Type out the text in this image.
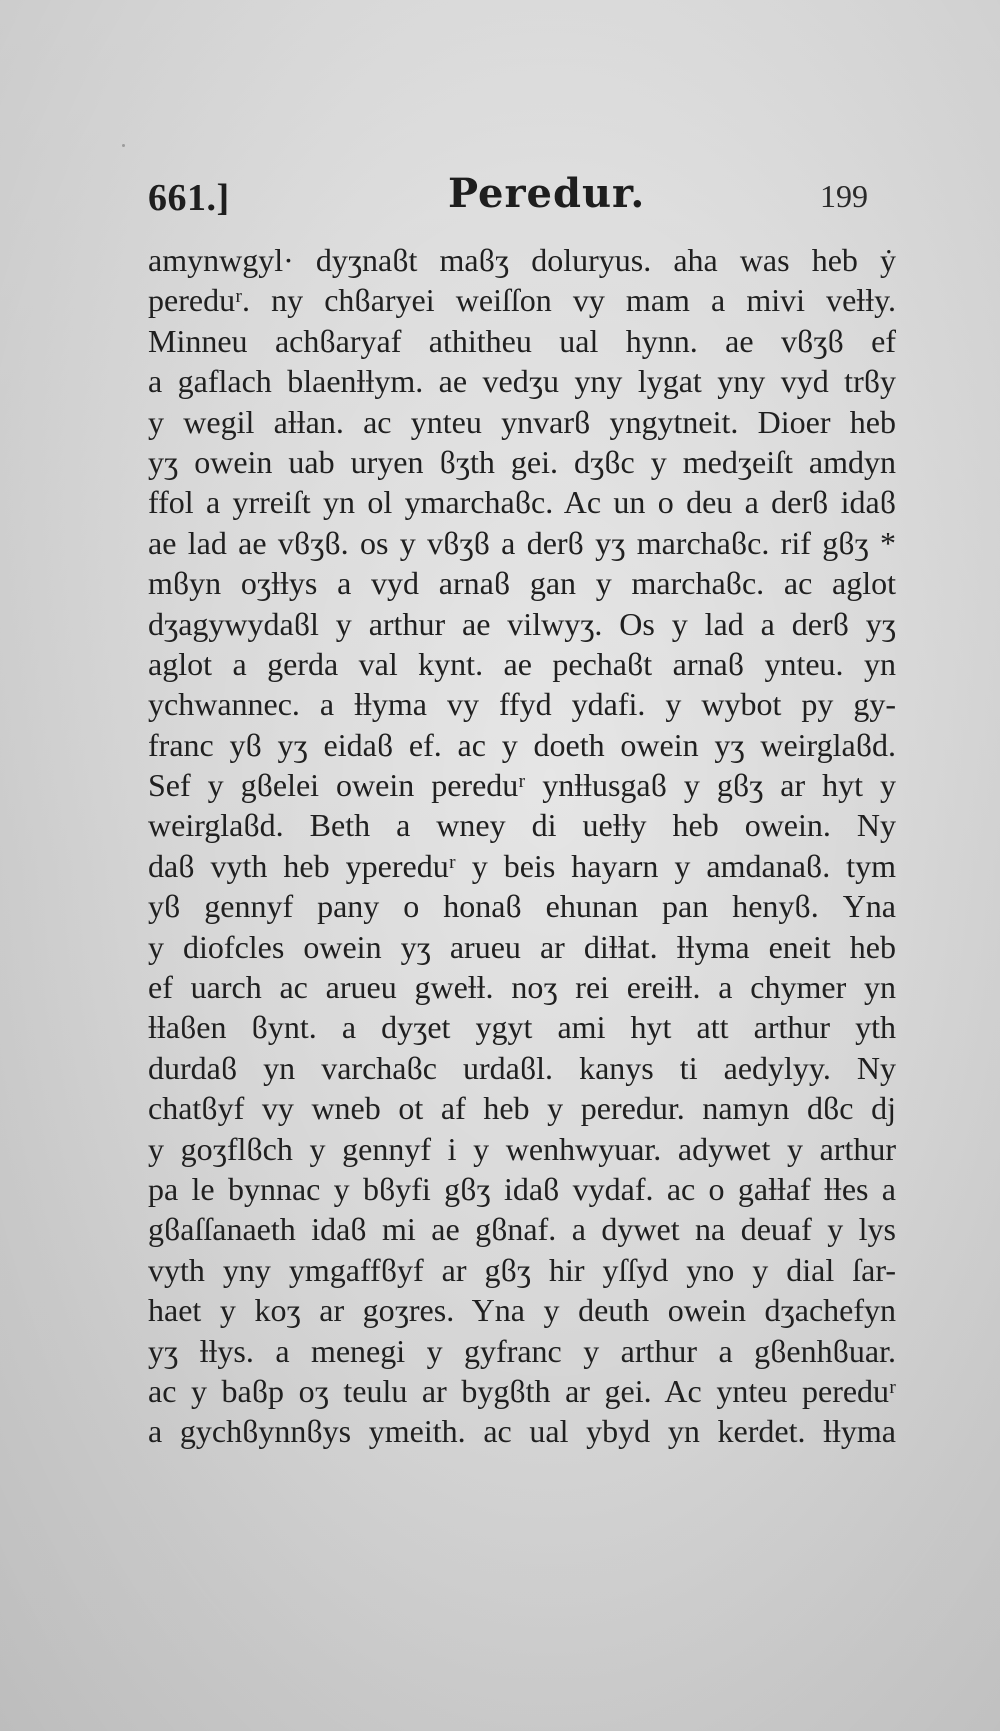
661.]	Peredur.	199
amynwgyl· dyʒnaϐt maϐʒ doluryus. aha was heb ẏ
pereduʳ. ny chϐaryei weiſſon vy mam a mivi veƚƚy.
Minneu achϐaryaf athitheu ual hynn. ae vϐʒϐ ef
a gaflach blaenƚƚym. ae vedʒu yny lygat yny vyd trϐy
y wegil aƚƚan. ac ynteu ynvarϐ yngytneit. Dioer heb
yʒ owein uab uryen ϐʒth gei. dʒϐc y medʒeiſt amdyn
ffol a yrreiſt yn ol ymarchaϐc. Ac un o deu a derϐ idaϐ
ae lad ae vϐʒϐ. os y vϐʒϐ a derϐ yʒ marchaϐc. rif gϐʒ *
mϐyn oʒƚƚys a vyd arnaϐ gan y marchaϐc. ac aglot
dʒagywydaϐl y arthur ae vilwyʒ. Os y lad a derϐ yʒ
aglot a gerda val kynt. ae pechaϐt arnaϐ ynteu. yn
ychwannec. a ƚƚyma vy ffyd ydafi. y wybot py gy-
franc yϐ yʒ eidaϐ ef. ac y doeth owein yʒ weirglaϐd.
Sef y gϐelei owein pereduʳ ynƚƚusgaϐ y gϐʒ ar hyt y
weirglaϐd. Beth a wney di ueƚƚy heb owein. Ny
daϐ vyth heb ypereduʳ y beis hayarn y amdanaϐ. tym
yϐ gennyf pany o honaϐ ehunan pan henyϐ. Yna
y diofcles owein yʒ arueu ar diƚƚat. ƚƚyma eneit heb
ef uarch ac arueu gweƚƚ. noʒ rei ereiƚƚ. a chymer yn
ƚƚaϐen ϐynt. a dyʒet ygyt ami hyt att arthur yth
durdaϐ yn varchaϐc urdaϐl. kanys ti aedylyy. Ny
chatϐyf vy wneb ot af heb y peredur. namyn dϐc dj
y goʒflϐch y gennyf i y wenhwyuar. adywet y arthur
pa le bynnac y bϐyfi gϐʒ idaϐ vydaf. ac o gaƚƚaf ƚƚes a
gϐaſſanaeth idaϐ mi ae gϐnaf. a dywet na deuaf y lys
vyth yny ymgaffϐyf ar gϐʒ hir yſſyd yno y dial ſar-
haet y koʒ ar goʒres. Yna y deuth owein dʒachefyn
yʒ ƚƚys. a menegi y gyfranc y arthur a gϐenhϐuar.
ac y baϐp oʒ teulu ar bygϐth ar gei. Ac ynteu pereduʳ
a gychϐynnϐys ymeith. ac ual ybyd yn kerdet. ƚƚyma
